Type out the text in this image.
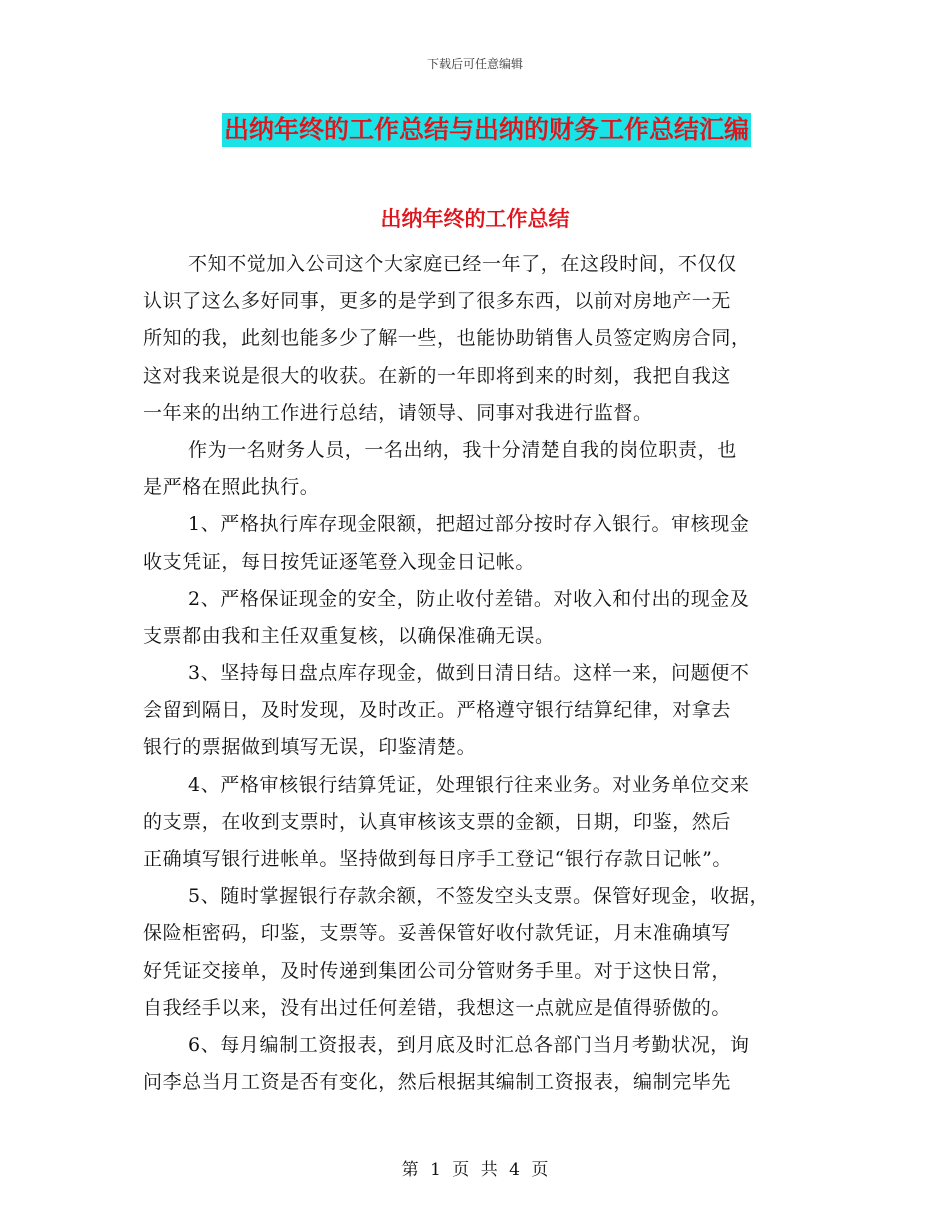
下载后可任意编辑
出纳年终的工作总结与出纳的财务工作总结汇编
出纳年终的工作总结
不知不觉加入公司这个大家庭已经一年了，在这段时间，不仅仅
认识了这么多好同事，更多的是学到了很多东西，以前对房地产一无
所知的我，此刻也能多少了解一些，也能协助销售人员签定购房合同，
这对我来说是很大的收获。在新的一年即将到来的时刻，我把自我这
一年来的出纳工作进行总结，请领导、同事对我进行监督。
作为一名财务人员，一名出纳，我十分清楚自我的岗位职责，也
是严格在照此执行。
1、严格执行库存现金限额，把超过部分按时存入银行。审核现金
收支凭证，每日按凭证逐笔登入现金日记帐。
2、严格保证现金的安全，防止收付差错。对收入和付出的现金及
支票都由我和主任双重复核，以确保准确无误。
3、坚持每日盘点库存现金，做到日清日结。这样一来，问题便不
会留到隔日，及时发现，及时改正。严格遵守银行结算纪律，对拿去
银行的票据做到填写无误，印鉴清楚。
4、严格审核银行结算凭证，处理银行往来业务。对业务单位交来
的支票，在收到支票时，认真审核该支票的金额，日期，印鉴，然后
正确填写银行进帐单。坚持做到每日序手工登记“银行存款日记帐”。
5、随时掌握银行存款余额，不签发空头支票。保管好现金，收据，
保险柜密码，印鉴，支票等。妥善保管好收付款凭证，月末准确填写
好凭证交接单，及时传递到集团公司分管财务手里。对于这快日常，
自我经手以来，没有出过任何差错，我想这一点就应是值得骄傲的。
6、每月编制工资报表，到月底及时汇总各部门当月考勤状况，询
问李总当月工资是否有变化，然后根据其编制工资报表，编制完毕先
第 1 页 共 4 页
